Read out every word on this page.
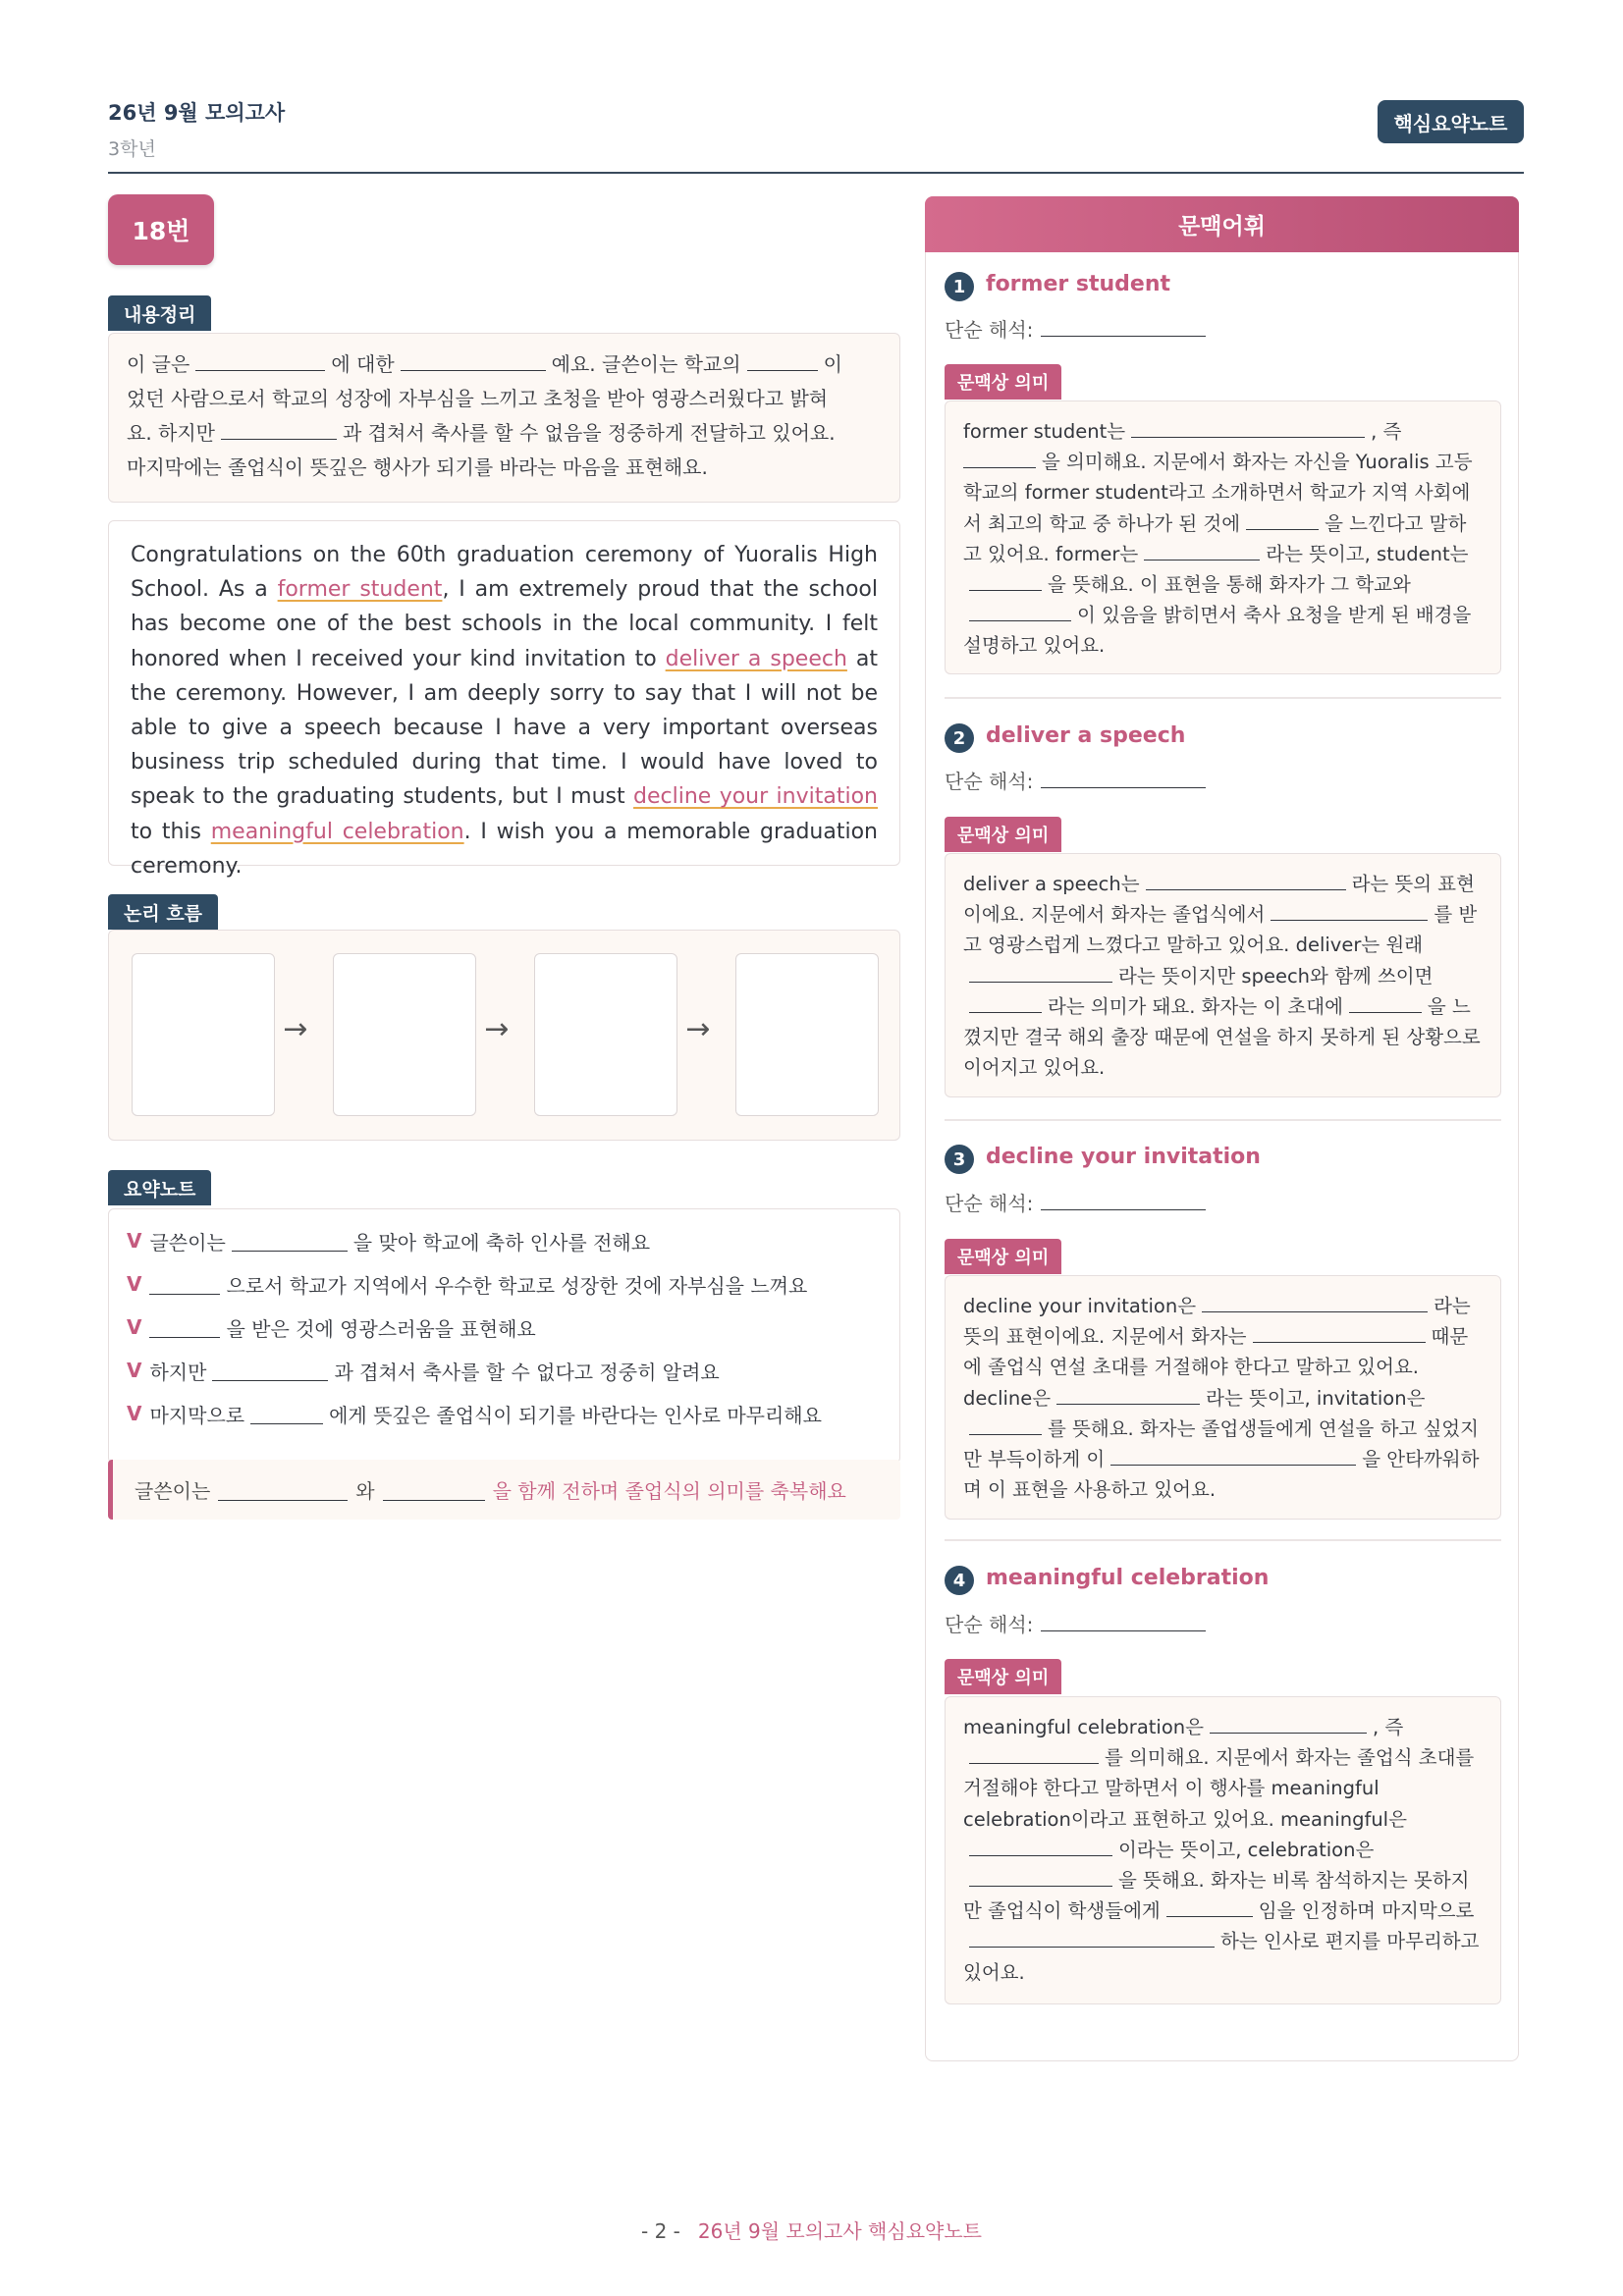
26년 9월 모의고사
3학년
핵심요약노트
18번
내용정리
이 글은	에 대한	예요. 글쓴이는 학교의	이
었던 사람으로서 학교의 성장에 자부심을 느끼고 초청을 받아 영광스러웠다고 밝혀
요. 하지만	과 겹쳐서 축사를 할 수 없음을 정중하게 전달하고 있어요.
마지막에는 졸업식이 뜻깊은 행사가 되기를 바라는 마음을 표현해요.
Congratulations on the 60th graduation ceremony of Yuoralis High School. As a former student, I am extremely proud that the school has become one of the best schools in the local community. I felt honored when I received your kind invitation to deliver a speech at the ceremony. However, I am deeply sorry to say that I will not be able to give a speech because I have a very important overseas business trip scheduled during that time. I would have loved to speak to the graduating students, but I must decline your invitation to this meaningful celebration. I wish you a memorable graduation ceremony.
논리 흐름
→	→	→
요약노트
V 글쓴이는	을 맞아 학교에 축하 인사를 전해요
V	으로서 학교가 지역에서 우수한 학교로 성장한 것에 자부심을 느껴요
V	을 받은 것에 영광스러움을 표현해요
V 하지만	과 겹쳐서 축사를 할 수 없다고 정중히 알려요
V 마지막으로	에게 뜻깊은 졸업식이 되기를 바란다는 인사로 마무리해요
글쓴이는	와	을 함께 전하며 졸업식의 의미를 축복해요
문맥어휘
1 former student
단순 해석:
문맥상 의미
former student는	, 즉
을 의미해요. 지문에서 화자는 자신을 Yuoralis 고등학교의 former student라고 소개하면서 학교가 지역 사회에서 최고의 학교 중 하나가 된 것에	을 느낀다고 말하고 있어요. former는	라는 뜻이고, student는을 뜻해요. 이 표현을 통해 화자가 그 학교와이 있음을 밝히면서 축사 요청을 받게 된 배경을 설명하고 있어요.
2 deliver a speech
단순 해석:
문맥상 의미
deliver a speech는	라는 뜻의 표현이에요. 지문에서 화자는 졸업식에서	를 받고 영광스럽게 느꼈다고 말하고 있어요. deliver는 원래라는 뜻이지만 speech와 함께 쓰이면라는 의미가 돼요. 화자는 이 초대에	을 느꼈지만 결국 해외 출장 때문에 연설을 하지 못하게 된 상황으로 이어지고 있어요.
3 decline your invitation
단순 해석:
문맥상 의미
decline your invitation은	라는 뜻의 표현이에요. 지문에서 화자는	때문에 졸업식 연설 초대를 거절해야 한다고 말하고 있어요. decline은	라는 뜻이고, invitation은를 뜻해요. 화자는 졸업생들에게 연설을 하고 싶었지만 부득이하게 이	을 안타까워하며 이 표현을 사용하고 있어요.
4 meaningful celebration
단순 해석:
문맥상 의미
meaningful celebration은	, 즉를 의미해요. 지문에서 화자는 졸업식 초대를 거절해야 한다고 말하면서 이 행사를 meaningful celebration이라고 표현하고 있어요. meaningful은이라는 뜻이고, celebration은을 뜻해요. 화자는 비록 참석하지는 못하지만 졸업식이 학생들에게	임을 인정하며 마지막으로하는 인사로 편지를 마무리하고 있어요.
- 2 - 26년 9월 모의고사 핵심요약노트
